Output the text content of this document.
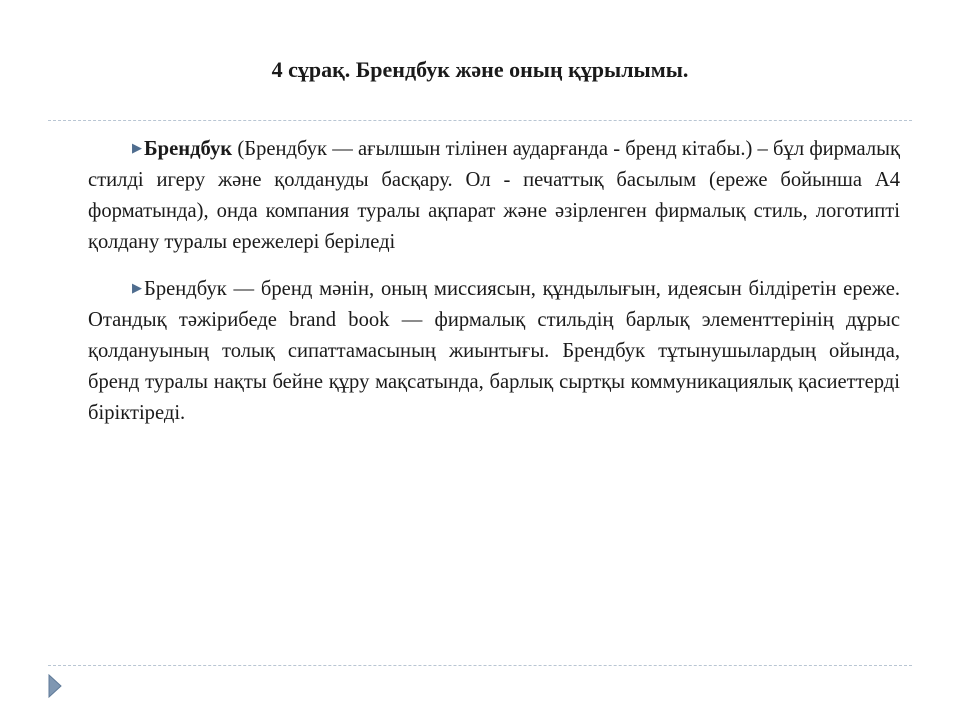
4 сұрақ. Брендбук және оның құрылымы.

▶Брендбук (Брендбук — ағылшын тілінен аударғанда - бренд кітабы.) – бұл фирмалық стилді игеру және қолдануды басқару. Ол - печаттық басылым (ереже бойынша А4 форматында), онда компания туралы ақпарат және әзірленген фирмалық стиль, логотипті қолдану туралы ережелері беріледі

▶Брендбук — бренд мәнін, оның миссиясын, құндылығын, идеясын білдіретін ереже. Отандық тәжірибеде brand book — фирмалық стильдің барлық элементтерінің дұрыс қолдануының толық сипаттамасының жиынтығы. Брендбук тұтынушылардың ойында, бренд туралы нақты бейне құру мақсатында, барлық сыртқы коммуникациялық қасиеттерді біріктіреді.
